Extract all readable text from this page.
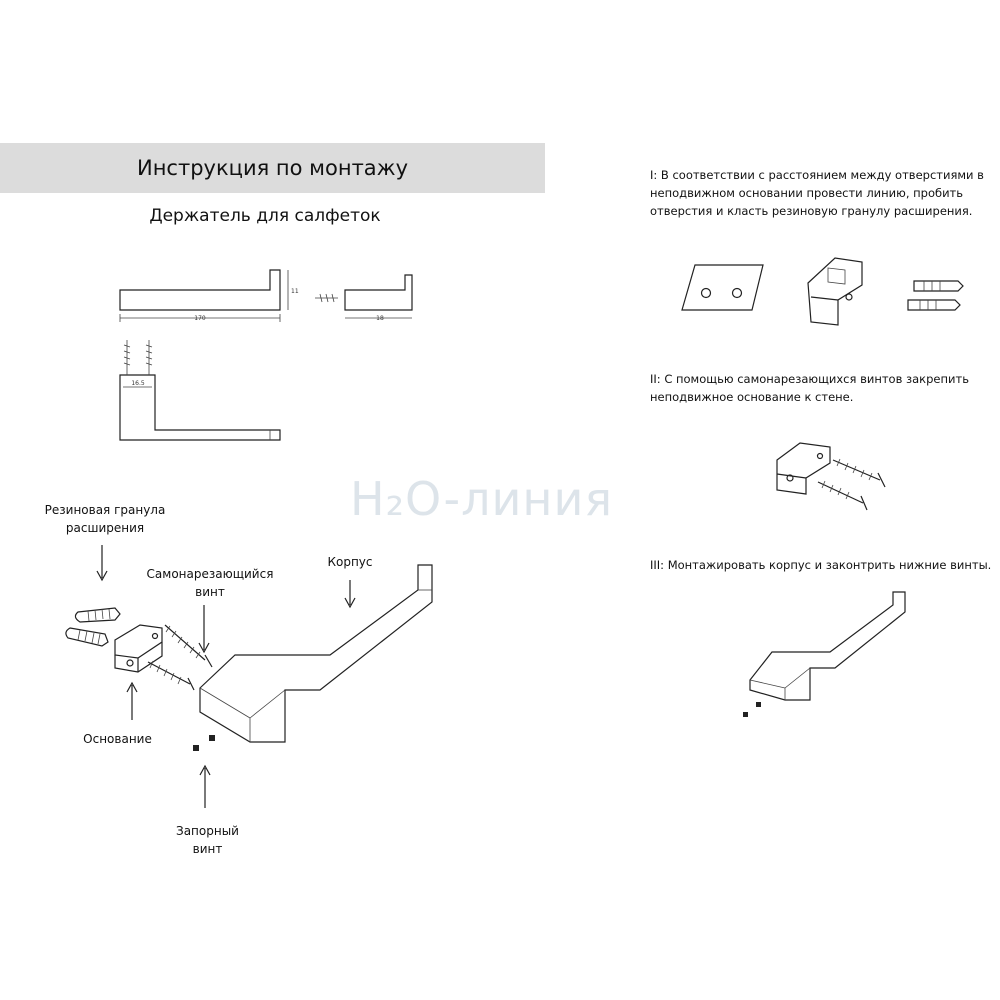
Инструкция по монтажу
Держатель для салфеток
170
11
18
16.5
H₂O-линия
Резиновая гранула расширения
Самонарезающийся винт
Корпус
Основание
Запорный винт
I: В соответствии с расстоянием между отверстиями в неподвижном основании провести линию, пробить отверстия и класть резиновую гранулу расширения.
II: С помощью самонарезающихся винтов закрепить неподвижное основание к стене.
III: Монтажировать корпус и законтрить нижние винты.
